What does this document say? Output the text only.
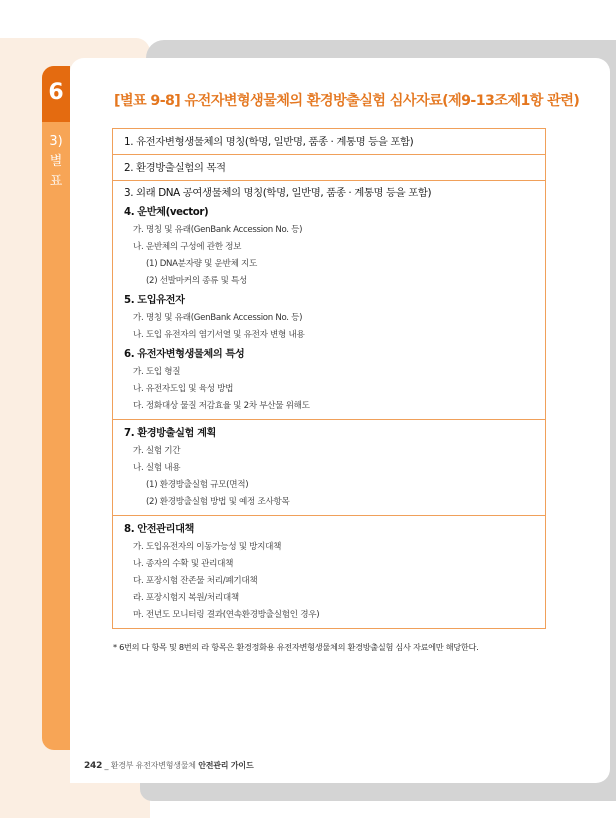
6
3)
별
표
[별표 9-8] 유전자변형생물체의 환경방출실험 심사자료(제9-13조제1항 관련)
1. 유전자변형생물체의 명칭(학명, 일반명, 품종 · 계통명 등을 포함)
2. 환경방출실험의 목적
3. 외래 DNA 공여생물체의 명칭(학명, 일반명, 품종 · 계통명 등을 포함)
4. 운반체(vector)
가. 명칭 및 유래(GenBank Accession No. 등)
나. 운반체의 구성에 관한 정보
(1) DNA분자량 및 운반체 지도
(2) 선발마커의 종류 및 특성
5. 도입유전자
가. 명칭 및 유래(GenBank Accession No. 등)
나. 도입 유전자의 염기서열 및 유전자 변형 내용
6. 유전자변형생물체의 특성
가. 도입 형질
나. 유전자도입 및 육성 방법
다. 정화대상 물질 저감효율 및 2차 부산물 위해도
7. 환경방출실험 계획
가. 실험 기간
나. 실험 내용
(1) 환경방출실험 규모(면적)
(2) 환경방출실험 방법 및 예정 조사항목
8. 안전관리대책
가. 도입유전자의 이동가능성 및 방지대책
나. 종자의 수확 및 관리대책
다. 포장시험 잔존물 처리/폐기대책
라. 포장시험지 복원/처리대책
마. 전년도 모니터링 결과(연속환경방출실험인 경우)
* 6번의 다 항목 및 8번의 라 항목은 환경정화용 유전자변형생물체의 환경방출실험 심사 자료에만 해당한다.
242 _ 환경부 유전자변형생물체 안전관리 가이드
